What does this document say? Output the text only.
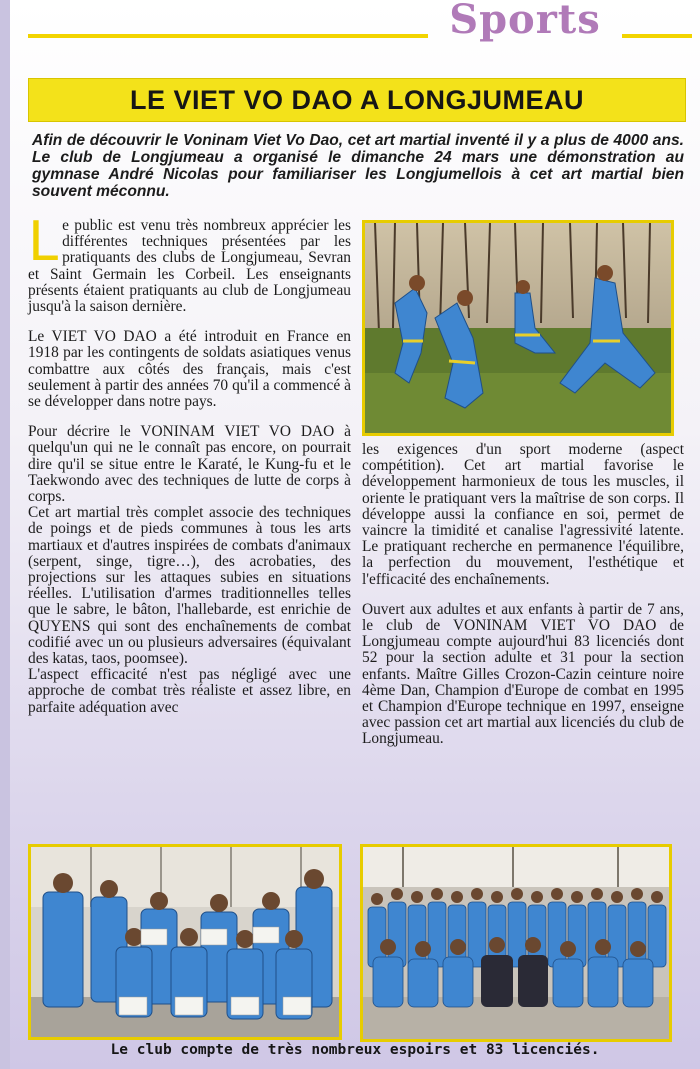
Sports
LE VIET VO DAO A LONGJUMEAU
Afin de découvrir le Voninam Viet Vo Dao, cet art martial inventé il y a plus de 4000 ans. Le club de Longjumeau a organisé le dimanche 24 mars une démonstration au gymnase André Nicolas pour familiariser les Longjumellois à cet art martial bien souvent méconnu.

Le public est venu très nombreux apprécier les différentes techniques présentées par les pratiquants des clubs de Longjumeau, Sevran et Saint Germain les Corbeil. Les enseignants présents étaient pratiquants au club de Longjumeau jusqu'à la saison dernière.

Le VIET VO DAO a été introduit en France en 1918 par les contingents de soldats asiatiques venus combattre aux côtés des français, mais c'est seulement à partir des années 70 qu'il a commencé à se développer dans notre pays.

Pour décrire le VONINAM VIET VO DAO à quelqu'un qui ne le connaît pas encore, on pourrait dire qu'il se situe entre le Karaté, le Kung-fu et le Taekwondo avec des techniques de lutte de corps à corps.

Cet art martial très complet associe des techniques de poings et de pieds communes à tous les arts martiaux et d'autres inspirées de combats d'animaux (serpent, singe, tigre…), des acrobaties, des projections sur les attaques subies en situations réelles. L'utilisation d'armes traditionnelles telles que le sabre, le bâton, l'hallebarde, est enrichie de QUYENS qui sont des enchaînements de combat codifié avec un ou plusieurs adversaires (équivalant des katas, taos, poomsee).

L'aspect efficacité n'est pas négligé avec une approche de combat très réaliste et assez libre, en parfaite adéquation avec

les exigences d'un sport moderne (aspect compétition). Cet art martial favorise le développement harmonieux de tous les muscles, il oriente le pratiquant vers la maîtrise de son corps. Il développe aussi la confiance en soi, permet de vaincre la timidité et canalise l'agressivité latente. Le pratiquant recherche en permanence l'équilibre, la perfection du mouvement, l'esthétique et l'efficacité des enchaînements.

Ouvert aux adultes et aux enfants à partir de 7 ans, le club de VONINAM VIET VO DAO de Longjumeau compte aujourd'hui 83 licenciés dont 52 pour la section adulte et 31 pour la section enfants. Maître Gilles Crozon-Cazin ceinture noire 4ème Dan, Champion d'Europe de combat en 1995 et Champion d'Europe technique en 1997, enseigne avec passion cet art martial aux licenciés du club de Longjumeau.

Le club compte de très nombreux espoirs et 83 licenciés.
